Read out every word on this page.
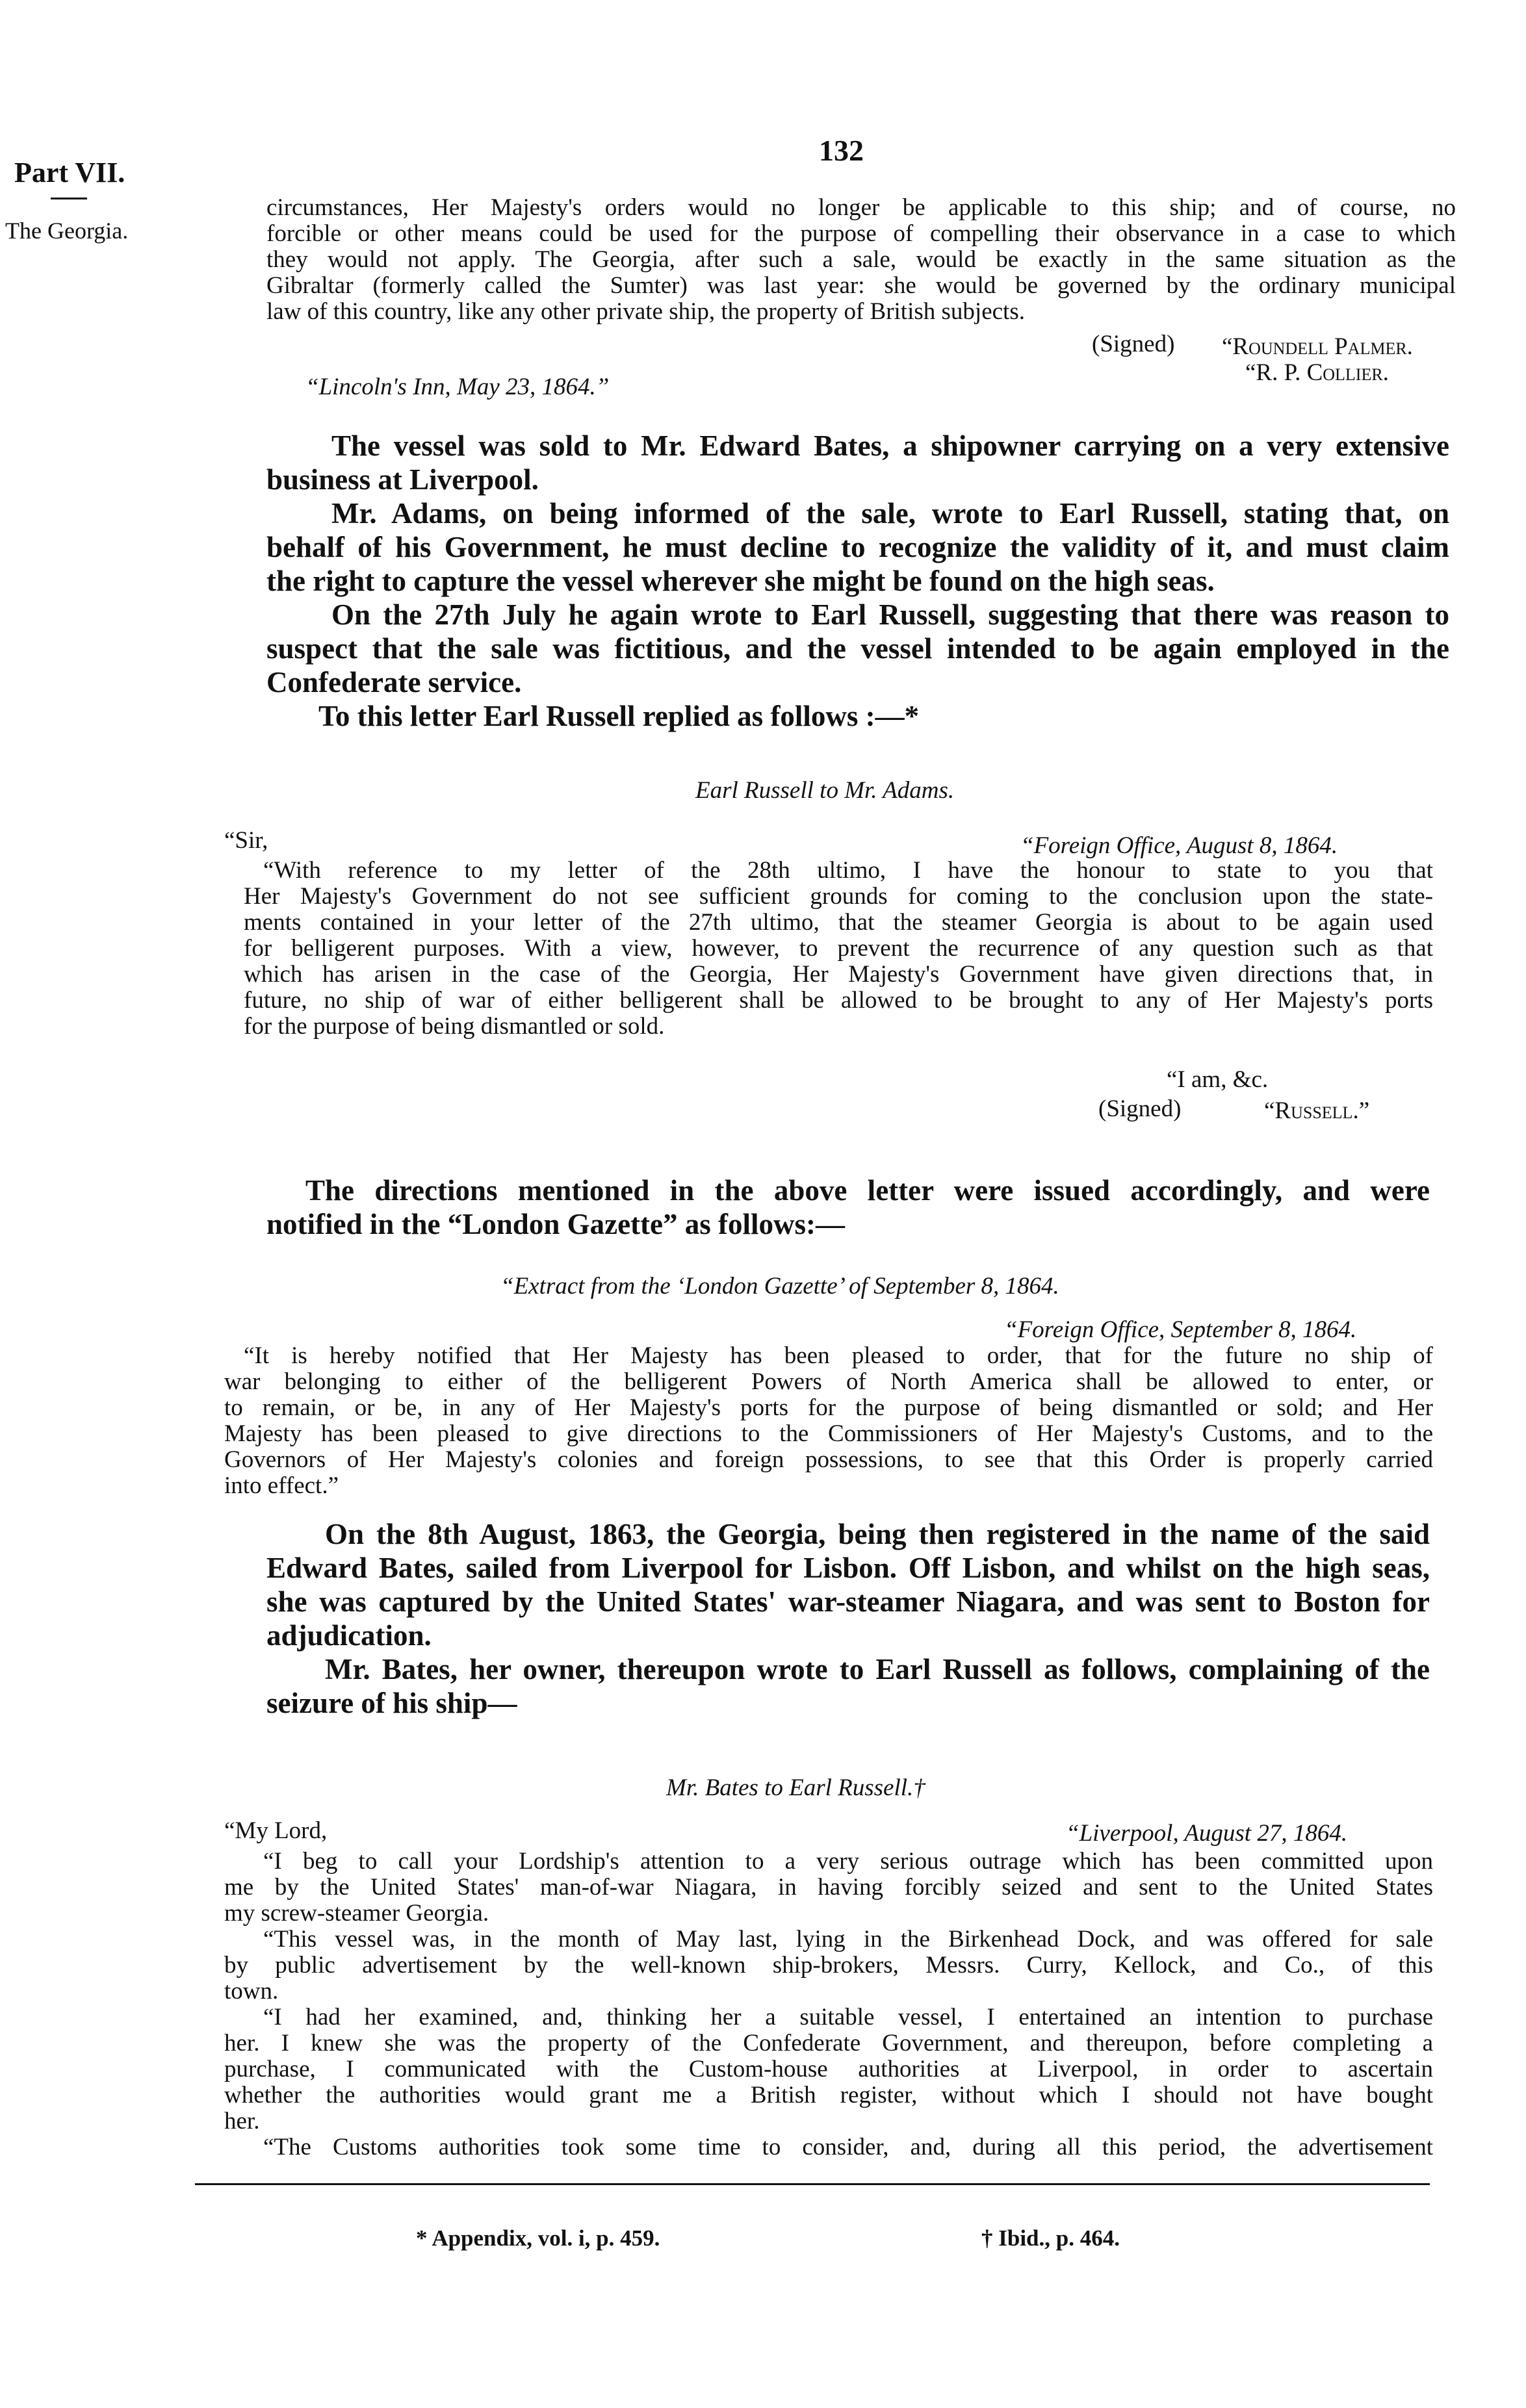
132
Part VII.
The Georgia.
circumstances, Her Majesty's orders would no longer be applicable to this ship; and of course, no
forcible or other means could be used for the purpose of compelling their observance in a case to which
they would not apply. The Georgia, after such a sale, would be exactly in the same situation as the
Gibraltar (formerly called the Sumter) was last year: she would be governed by the ordinary municipal
law of this country, like any other private ship, the property of British subjects.
(Signed) “Roundell Palmer.
“R. P. Collier.
“Lincoln's Inn, May 23, 1864.”
The vessel was sold to Mr. Edward Bates, a shipowner carrying on a very extensive
business at Liverpool.
Mr. Adams, on being informed of the sale, wrote to Earl Russell, stating that, on
behalf of his Government, he must decline to recognize the validity of it, and must claim
the right to capture the vessel wherever she might be found on the high seas.
On the 27th July he again wrote to Earl Russell, suggesting that there was reason to
suspect that the sale was fictitious, and the vessel intended to be again employed in the
Confederate service.
To this letter Earl Russell replied as follows :—*
Earl Russell to Mr. Adams.
“Sir,	“Foreign Office, August 8, 1864.
“With reference to my letter of the 28th ultimo, I have the honour to state to you that
Her Majesty's Government do not see sufficient grounds for coming to the conclusion upon the state-
ments contained in your letter of the 27th ultimo, that the steamer Georgia is about to be again used
for belligerent purposes. With a view, however, to prevent the recurrence of any question such as that
which has arisen in the case of the Georgia, Her Majesty's Government have given directions that, in
future, no ship of war of either belligerent shall be allowed to be brought to any of Her Majesty's ports
for the purpose of being dismantled or sold.
“I am, &c.
(Signed)	“Russell.”
The directions mentioned in the above letter were issued accordingly, and were
notified in the “London Gazette” as follows:—
“Extract from the ‘London Gazette’ of September 8, 1864.
“Foreign Office, September 8, 1864.
“It is hereby notified that Her Majesty has been pleased to order, that for the future no ship of
war belonging to either of the belligerent Powers of North America shall be allowed to enter, or
to remain, or be, in any of Her Majesty's ports for the purpose of being dismantled or sold; and Her
Majesty has been pleased to give directions to the Commissioners of Her Majesty's Customs, and to the
Governors of Her Majesty's colonies and foreign possessions, to see that this Order is properly carried
into effect.”
On the 8th August, 1863, the Georgia, being then registered in the name of the said
Edward Bates, sailed from Liverpool for Lisbon. Off Lisbon, and whilst on the high seas,
she was captured by the United States' war-steamer Niagara, and was sent to Boston for
adjudication.
Mr. Bates, her owner, thereupon wrote to Earl Russell as follows, complaining of the
seizure of his ship—
Mr. Bates to Earl Russell.†
“My Lord,	“Liverpool, August 27, 1864.
“I beg to call your Lordship's attention to a very serious outrage which has been committed upon
me by the United States' man-of-war Niagara, in having forcibly seized and sent to the United States
my screw-steamer Georgia.
“This vessel was, in the month of May last, lying in the Birkenhead Dock, and was offered for sale
by public advertisement by the well-known ship-brokers, Messrs. Curry, Kellock, and Co., of this
town.
“I had her examined, and, thinking her a suitable vessel, I entertained an intention to purchase
her. I knew she was the property of the Confederate Government, and thereupon, before completing a
purchase, I communicated with the Custom-house authorities at Liverpool, in order to ascertain
whether the authorities would grant me a British register, without which I should not have bought
her.
“The Customs authorities took some time to consider, and, during all this period, the advertisement
* Appendix, vol. i, p. 459.	† Ibid., p. 464.
